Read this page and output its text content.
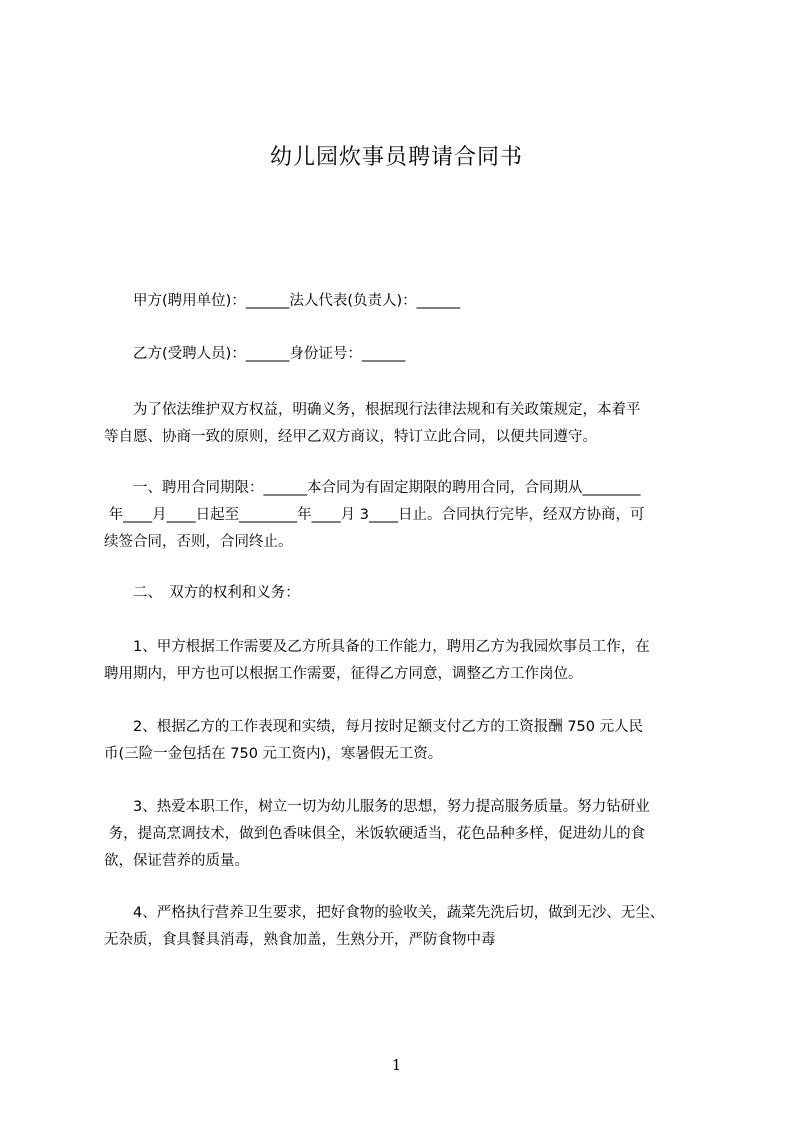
幼儿园炊事员聘请合同书

　　甲方(聘用单位)：______法人代表(负责人)：______

　　乙方(受聘人员)：______身份证号：______

　　为了依法维护双方权益，明确义务，根据现行法律法规和有关政策规定，本着平
等自愿、协商一致的原则，经甲乙双方商议，特订立此合同，以便共同遵守。

　　一、聘用合同期限：______本合同为有固定期限的聘用合同，合同期从________
年____月____日起至________年____月 3____日止。合同执行完毕，经双方协商，可
续签合同，否则，合同终止。

　　二、　双方的权利和义务：

　　1、甲方根据工作需要及乙方所具备的工作能力，聘用乙方为我园炊事员工作，在
聘用期内，甲方也可以根据工作需要，征得乙方同意，调整乙方工作岗位。

　　2、根据乙方的工作表现和实绩，每月按时足额支付乙方的工资报酬 750 元人民
币(三险一金包括在 750 元工资内)，寒暑假无工资。

　　3、热爱本职工作，树立一切为幼儿服务的思想，努力提高服务质量。努力钻研业
务，提高烹调技术，做到色香味俱全，米饭软硬适当，花色品种多样，促进幼儿的食
欲，保证营养的质量。

　　4、严格执行营养卫生要求，把好食物的验收关，蔬菜先洗后切，做到无沙、无尘、
无杂质，食具餐具消毒，熟食加盖，生熟分开，严防食物中毒

1
